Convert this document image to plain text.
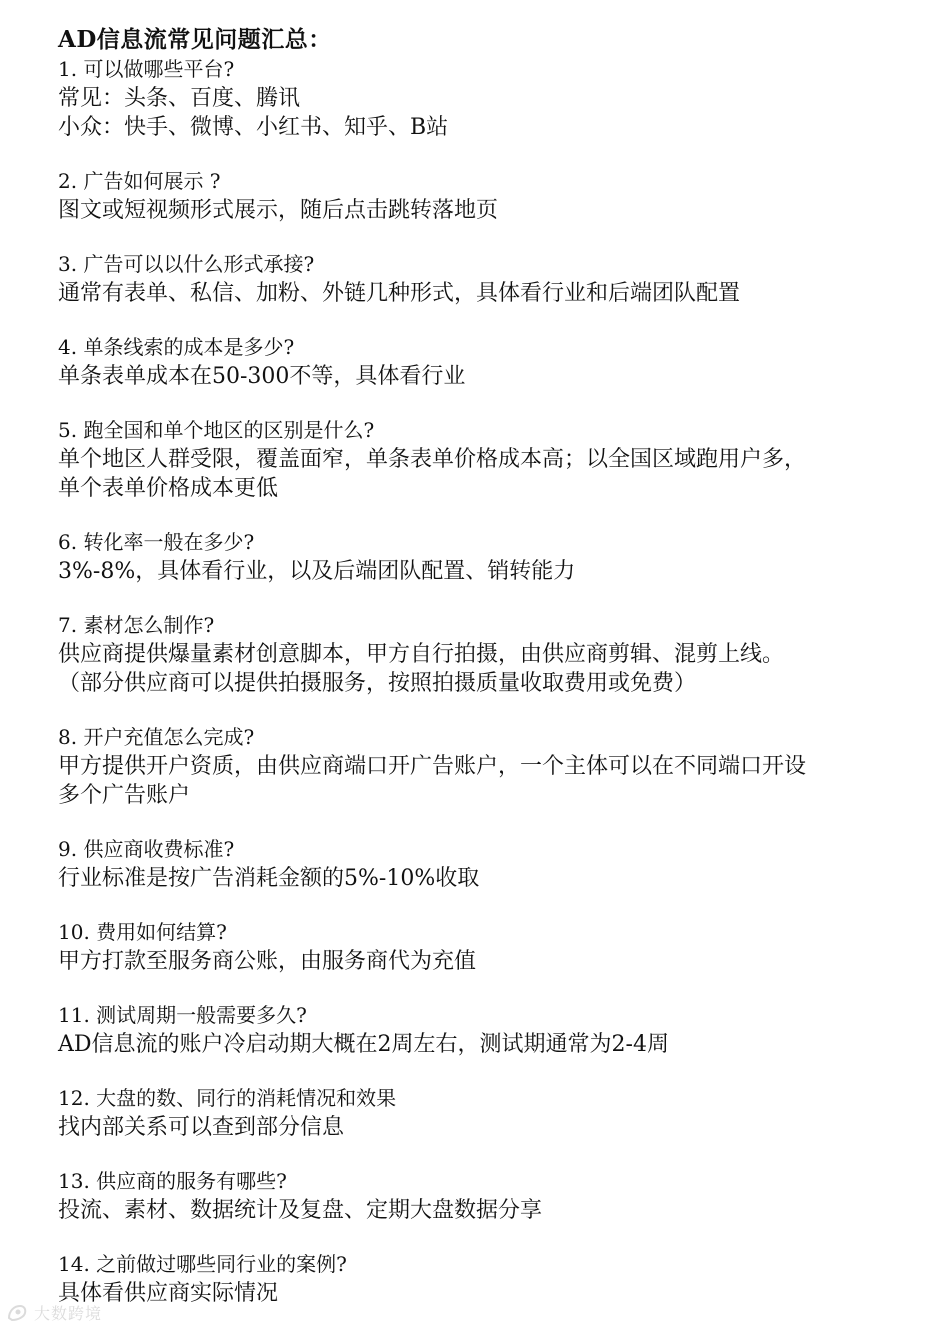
AD信息流常见问题汇总：

1. 可以做哪些平台?

常见：头条、百度、腾讯

小众：快手、微博、小红书、知乎、B站

2. 广告如何展示 ?

图文或短视频形式展示，随后点击跳转落地页

3. 广告可以以什么形式承接?

通常有表单、私信、加粉、外链几种形式，具体看行业和后端团队配置

4. 单条线索的成本是多少?

单条表单成本在50-300不等，具体看行业

5. 跑全国和单个地区的区别是什么?

单个地区人群受限，覆盖面窄，单条表单价格成本高；以全国区域跑用户多，

单个表单价格成本更低

6. 转化率一般在多少?

3%-8%，具体看行业，以及后端团队配置、销转能力

7. 素材怎么制作?

供应商提供爆量素材创意脚本，甲方自行拍摄，由供应商剪辑、混剪上线。

（部分供应商可以提供拍摄服务，按照拍摄质量收取费用或免费）

8. 开户充值怎么完成?

甲方提供开户资质，由供应商端口开广告账户，一个主体可以在不同端口开设

多个广告账户

9. 供应商收费标准?

行业标准是按广告消耗金额的5%-10%收取

10. 费用如何结算?

甲方打款至服务商公账，由服务商代为充值

11. 测试周期一般需要多久?

AD信息流的账户冷启动期大概在2周左右，测试期通常为2-4周

12. 大盘的数、同行的消耗情况和效果

找内部关系可以查到部分信息

13. 供应商的服务有哪些?

投流、素材、数据统计及复盘、定期大盘数据分享

14. 之前做过哪些同行业的案例?

具体看供应商实际情况

大数跨境
